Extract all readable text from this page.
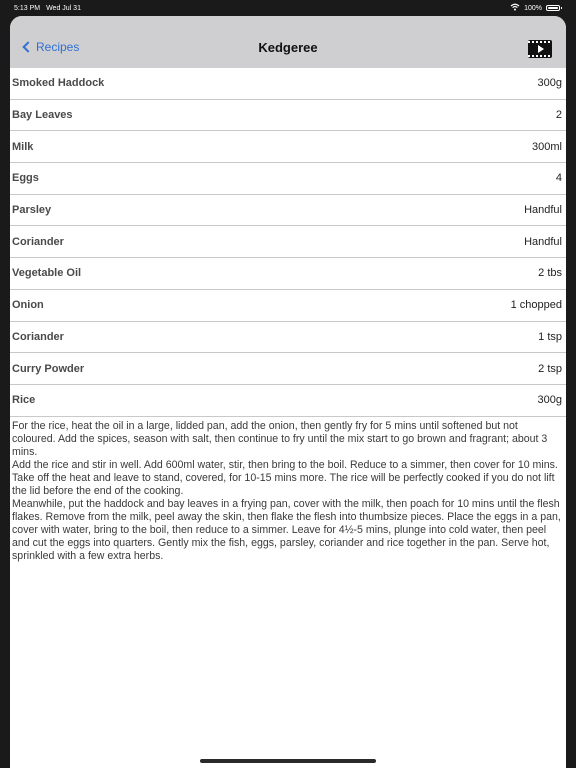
5:13 PM Wed Jul 31	100%
Recipes	Kedgeree
Smoked Haddock	300g
Bay Leaves	2
Milk	300ml
Eggs	4
Parsley	Handful
Coriander	Handful
Vegetable Oil	2 tbs
Onion	1 chopped
Coriander	1 tsp
Curry Powder	2 tsp
Rice	300g

For the rice, heat the oil in a large, lidded pan, add the onion, then gently fry for 5 mins until softened but not coloured. Add the spices, season with salt, then continue to fry until the mix start to go brown and fragrant; about 3 mins.

Add the rice and stir in well. Add 600ml water, stir, then bring to the boil. Reduce to a simmer, then cover for 10 mins. Take off the heat and leave to stand, covered, for 10-15 mins more. The rice will be perfectly cooked if you do not lift the lid before the end of the cooking.

Meanwhile, put the haddock and bay leaves in a frying pan, cover with the milk, then poach for 10 mins until the flesh flakes. Remove from the milk, peel away the skin, then flake the flesh into thumbsize pieces. Place the eggs in a pan, cover with water, bring to the boil, then reduce to a simmer. Leave for 4½-5 mins, plunge into cold water, then peel and cut the eggs into quarters. Gently mix the fish, eggs, parsley, coriander and rice together in the pan. Serve hot, sprinkled with a few extra herbs.
